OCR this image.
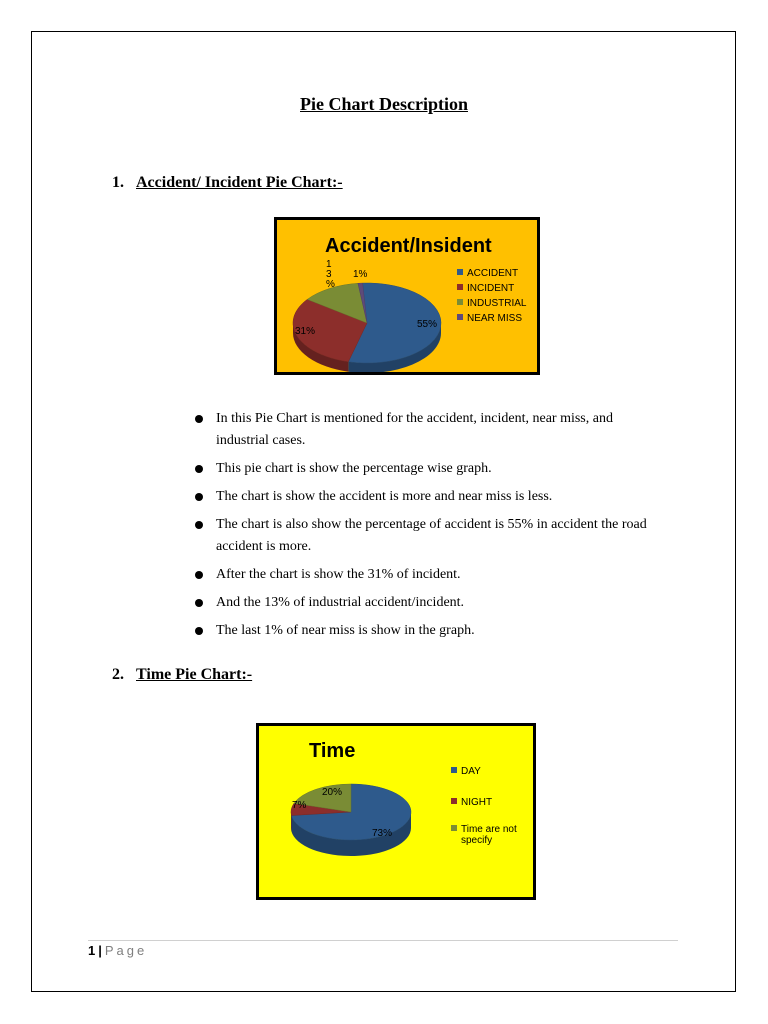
Pie Chart Description
1. Accident/ Incident Pie Chart:-
Accident/Insident
55%
31%
1 3 %
1%	ACCIDENT
INCIDENT
INDUSTRIAL
NEAR MISS
In this Pie Chart is mentioned for the accident, incident, near miss, and industrial cases.
This pie chart is show the percentage wise graph.
The chart is show the accident is more and near miss is less.
The chart is also show the percentage of accident is 55% in accident the road accident is more.
After the chart is show the 31% of incident.
And the 13% of industrial accident/incident.
The last 1% of near miss is show in the graph.
2. Time Pie Chart:-
Time
73%
7%
20%
DAY
NIGHT
Time are not specify
1 | Page
